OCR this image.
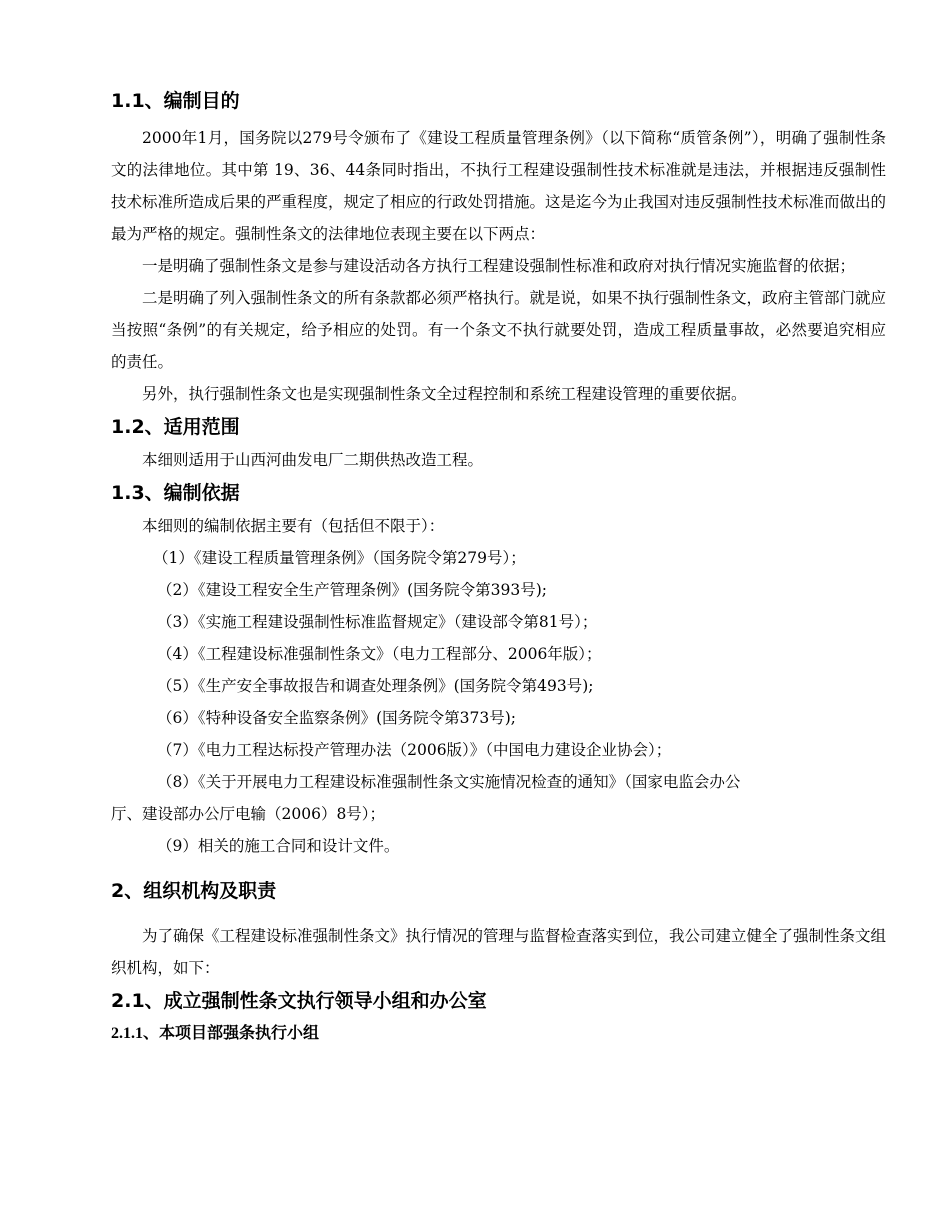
1.1、编制目的

2000年1月，国务院以279号令颁布了《建设工程质量管理条例》（以下简称“质管条例”），明确了强制性条文的法律地位。其中第 19、36、44条同时指出，不执行工程建设强制性技术标准就是违法，并根据违反强制性技术标准所造成后果的严重程度，规定了相应的行政处罚措施。这是迄今为止我国对违反强制性技术标准而做出的最为严格的规定。强制性条文的法律地位表现主要在以下两点：

一是明确了强制性条文是参与建设活动各方执行工程建设强制性标准和政府对执行情况实施监督的依据；

二是明确了列入强制性条文的所有条款都必须严格执行。就是说，如果不执行强制性条文，政府主管部门就应当按照“条例”的有关规定，给予相应的处罚。有一个条文不执行就要处罚，造成工程质量事故，必然要追究相应的责任。

另外，执行强制性条文也是实现强制性条文全过程控制和系统工程建设管理的重要依据。

1.2、适用范围

本细则适用于山西河曲发电厂二期供热改造工程。

1.3、编制依据

本细则的编制依据主要有（包括但不限于）：

（1）《建设工程质量管理条例》（国务院令第279号）；

（2）《建设工程安全生产管理条例》(国务院令第393号);

（3）《实施工程建设强制性标准监督规定》（建设部令第81号）；

（4）《工程建设标准强制性条文》（电力工程部分、2006年版）；

（5）《生产安全事故报告和调查处理条例》(国务院令第493号);

（6）《特种设备安全监察条例》(国务院令第373号);

（7）《电力工程达标投产管理办法（2006版）》（中国电力建设企业协会）；

（8）《关于开展电力工程建设标准强制性条文实施情况检查的通知》（国家电监会办公

厅、建设部办公厅电输（2006）8号）；

（9）相关的施工合同和设计文件。

2、组织机构及职责

为了确保《工程建设标准强制性条文》执行情况的管理与监督检查落实到位，我公司建立健全了强制性条文组织机构，如下：

2.1、成立强制性条文执行领导小组和办公室
2.1.1、本项目部强条执行小组
